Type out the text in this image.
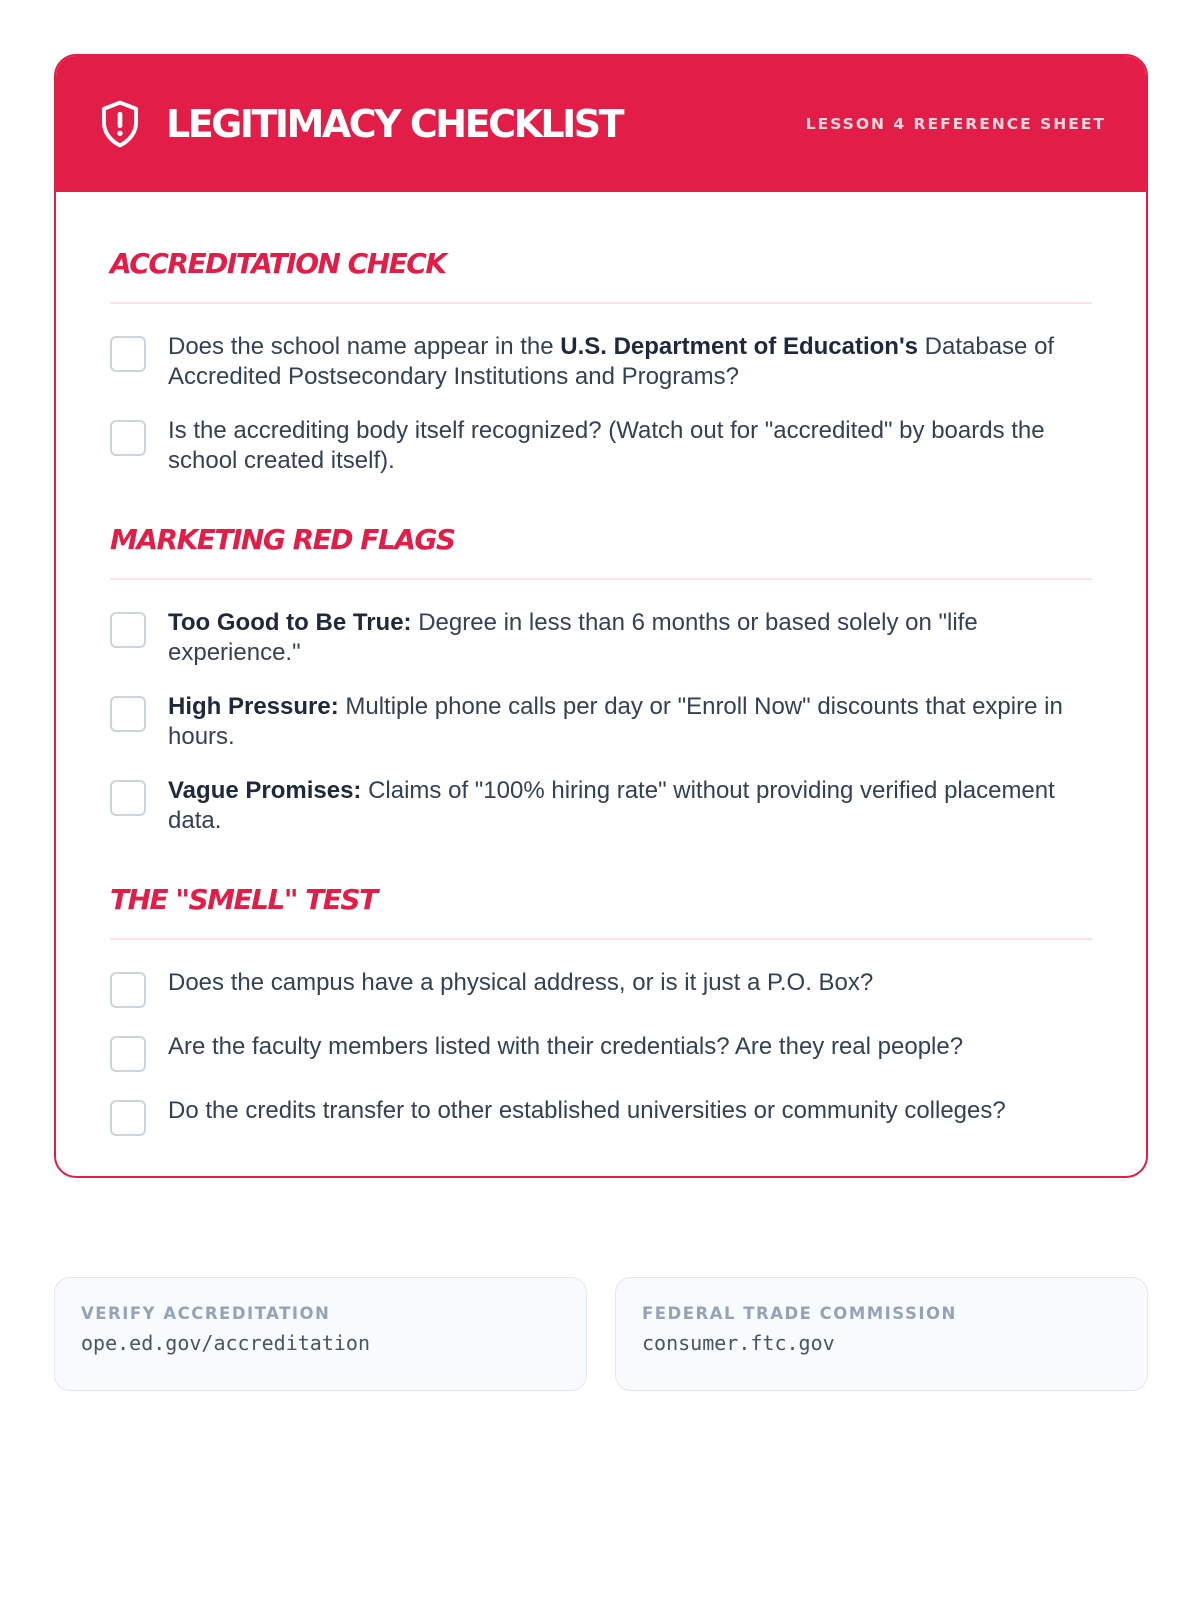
LEGITIMACY CHECKLIST	LESSON 4 REFERENCE SHEET
ACCREDITATION CHECK
Does the school name appear in the U.S. Department of Education's Database of Accredited Postsecondary Institutions and Programs?
Is the accrediting body itself recognized? (Watch out for "accredited" by boards the school created itself).
MARKETING RED FLAGS
Too Good to Be True: Degree in less than 6 months or based solely on "life experience."
High Pressure: Multiple phone calls per day or "Enroll Now" discounts that expire in hours.
Vague Promises: Claims of "100% hiring rate" without providing verified placement data.
THE "SMELL" TEST
Does the campus have a physical address, or is it just a P.O. Box?
Are the faculty members listed with their credentials? Are they real people?
Do the credits transfer to other established universities or community colleges?
VERIFY ACCREDITATION
ope.ed.gov/accreditation
FEDERAL TRADE COMMISSION
consumer.ftc.gov
